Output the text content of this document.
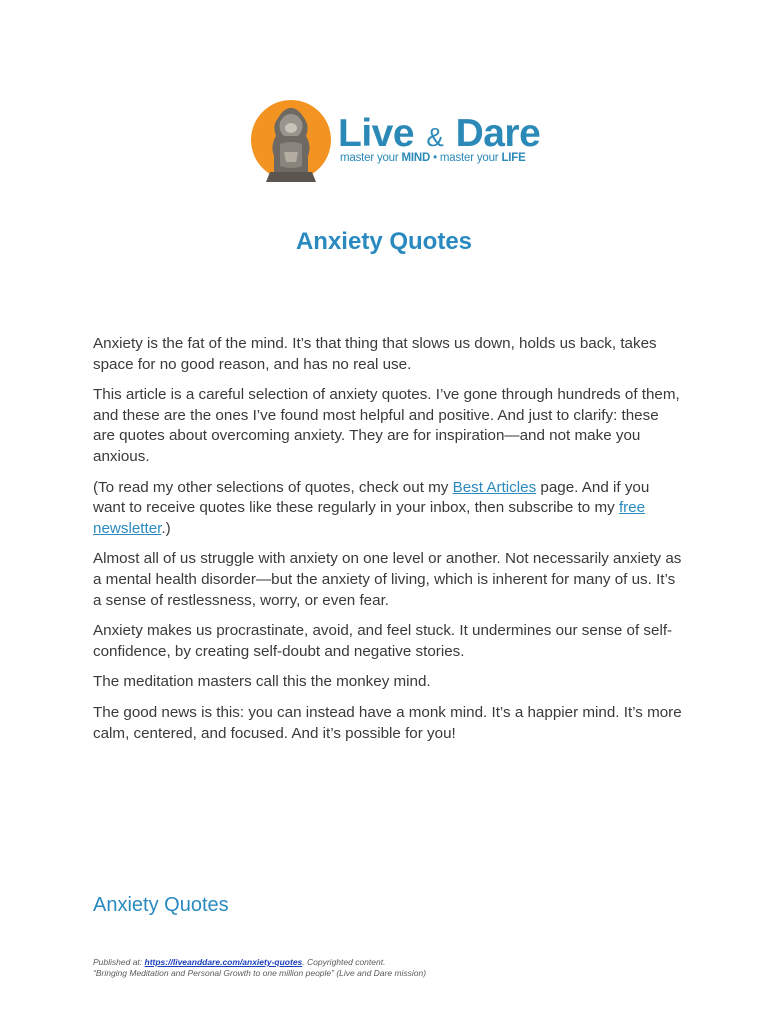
Live & Dare
master your MIND • master your LIFE
Anxiety Quotes

Anxiety is the fat of the mind. It’s that thing that slows us down, holds us back, takes space for no good reason, and has no real use.

This article is a careful selection of anxiety quotes. I’ve gone through hundreds of them, and these are the ones I’ve found most helpful and positive. And just to clarify: these are quotes about overcoming anxiety. They are for inspiration—and not make you anxious.

(To read my other selections of quotes, check out my Best Articles page. And if you want to receive quotes like these regularly in your inbox, then subscribe to my free newsletter.)

Almost all of us struggle with anxiety on one level or another. Not necessarily anxiety as a mental health disorder—but the anxiety of living, which is inherent for many of us. It’s a sense of restlessness, worry, or even fear.

Anxiety makes us procrastinate, avoid, and feel stuck. It undermines our sense of self-confidence, by creating self-doubt and negative stories.

The meditation masters call this the monkey mind.

The good news is this: you can instead have a monk mind. It’s a happier mind. It’s more calm, centered, and focused. And it’s possible for you!

Anxiety Quotes
Published at: https://liveanddare.com/anxiety-quotes. Copyrighted content.
“Bringing Meditation and Personal Growth to one million people” (Live and Dare mission)
